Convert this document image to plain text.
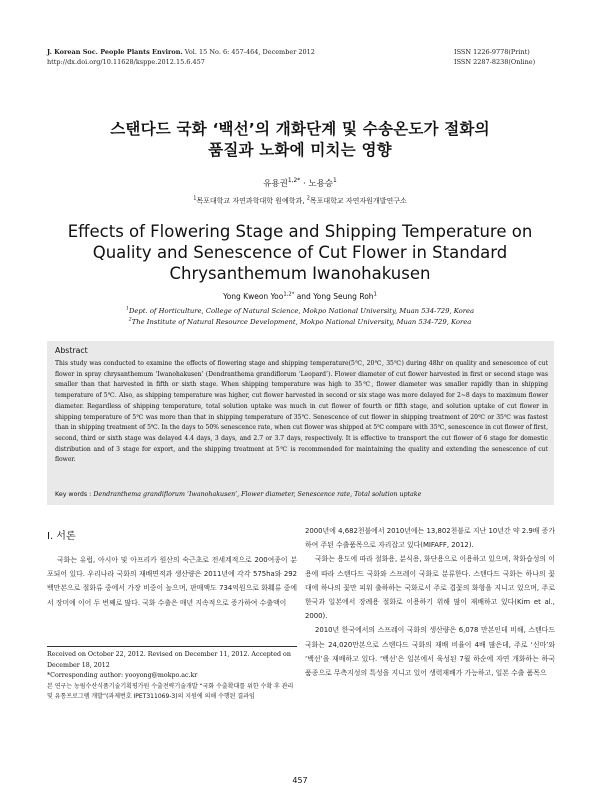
J. Korean Soc. People Plants Environ. Vol. 15 No. 6: 457-464, December 2012
http://dx.doi.org/10.11628/ksppe.2012.15.6.457
ISSN 1226-9778(Print)
ISSN 2287-8238(Online)
스탠다드 국화 ‘백선’의 개화단계 및 수송온도가 절화의
품질과 노화에 미치는 영향
유용권$^{1,2*}$ · 노용승$^1$
$^1$목포대학교 자연과학대학 원예학과, $^2$목포대학교 자연자원개발연구소
Effects of Flowering Stage and Shipping Temperature on
Quality and Senescence of Cut Flower in Standard
Chrysanthemum Iwanohakusen
Yong Kweon Yoo$^{1,2*}$ and Yong Seung Roh$^1$
$^1$Dept. of Horticulture, College of Natural Science, Mokpo National University, Muan 534-729, Korea
$^2$The Institute of Natural Resource Development, Mokpo National University, Muan 534-729, Korea
Abstract
This study was conducted to examine the effects of flowering stage and shipping temperature(5℃, 20℃, 35℃) during 48hr on quality and senescence of cut flower in spray chrysanthemum ‘Iwanohakusen’ (Dendranthema grandiflorum ‘Leopard’). Flower diameter of cut flower harvested in first or second stage was smaller than that harvested in fifth or sixth stage. When shipping temperature was high to 35℃, flower diameter was smaller rapidly than in shipping temperature of 5℃. Also, as shipping temperature was higher, cut flower harvested in second or six stage was more delayed for 2~8 days to maximum flower diameter. Regardless of shipping temperature, total solution uptake was much in cut flower of fourth or fifth stage, and solution uptake of cut flower in shipping temperature of 5℃ was more than that in shipping temperature of 35℃. Senescence of cut flower in shipping treatment of 20℃ or 35℃ was fastest than in shipping treatment of 5℃. In the days to 50% senescence rate, when cut flower was shipped at 5℃ compare with 35℃, senescence in cut flower of first, second, third or sixth stage was delayed 4.4 days, 3 days, and 2.7 or 3.7 days, respectively. It is effective to transport the cut flower of 6 stage for domestic distribution and of 3 stage for export, and the shipping treatment at 5℃ is recommended for maintaining the quality and extending the senescence of cut flower.
Key words : Dendranthema grandiflorum ‘Iwanohakusen’, Flower diameter, Senescence rate, Total solution uptake
Ⅰ. 서론

국화는 유럽, 아시아 및 아프리카 원산의 숙근초로 전세계적으로 200여종이 분포되어 있다. 우리나라 국화의 재배면적과 생산량은 2011년에 각각 575ha와 292백만본으로 절화류 중에서 가장 비중이 높으며, 판매액도 734억원으로 화훼류 중에서 장미에 이어 두 번째로 많다. 국화 수출은 매년 지속적으로 증가하여 수출액이

Received on October 22, 2012. Revised on December 11, 2012. Accepted on December 18, 2012

*Corresponding author: yooyong@mokpo.ac.kr

본 연구는 농림수산식품기술기획평가원 수출전략기술개발 “국화 수출확대를 위한 수확 후 관리 및 유통프로그램 개발”(과제번호 IPET311069-3)의 지원에 의해 수행된 결과임

2000년에 4,682천불에서 2010년에는 13,802천불로 지난 10년간 약 2.9배 증가하여 주된 수출품목으로 자리잡고 있다(MIFAFF, 2012).

국화는 용도에 따라 절화용, 분식용, 화단용으로 이용하고 있으며, 착화습성의 이용에 따라 스탠다드 국화와 스프레이 국화로 분류한다. 스탠다드 국화는 하나의 꽃대에 하나의 꽃만 피워 출하하는 국화로서 주로 겹꽃의 화형을 지니고 있으며, 주로 한국과 일본에서 장례용 절화로 이용하기 위해 많이 재배하고 있다(Kim et al., 2000).

2010년 한국에서의 스프레이 국화의 생산량은 6,078 만본인데 비해, 스탠다드 국화는 24,020만본으로 스탠다드 국화의 재배 비율이 4배 많은데, 주로 ‘신마’와 ‘백선’을 재배하고 있다. ‘백선’은 일본에서 육성된 7월 하순에 자연 개화하는 하국 품종으로 무측지성의 특성을 지니고 있어 생력재배가 가능하고, 일본 수출 품목으

457
